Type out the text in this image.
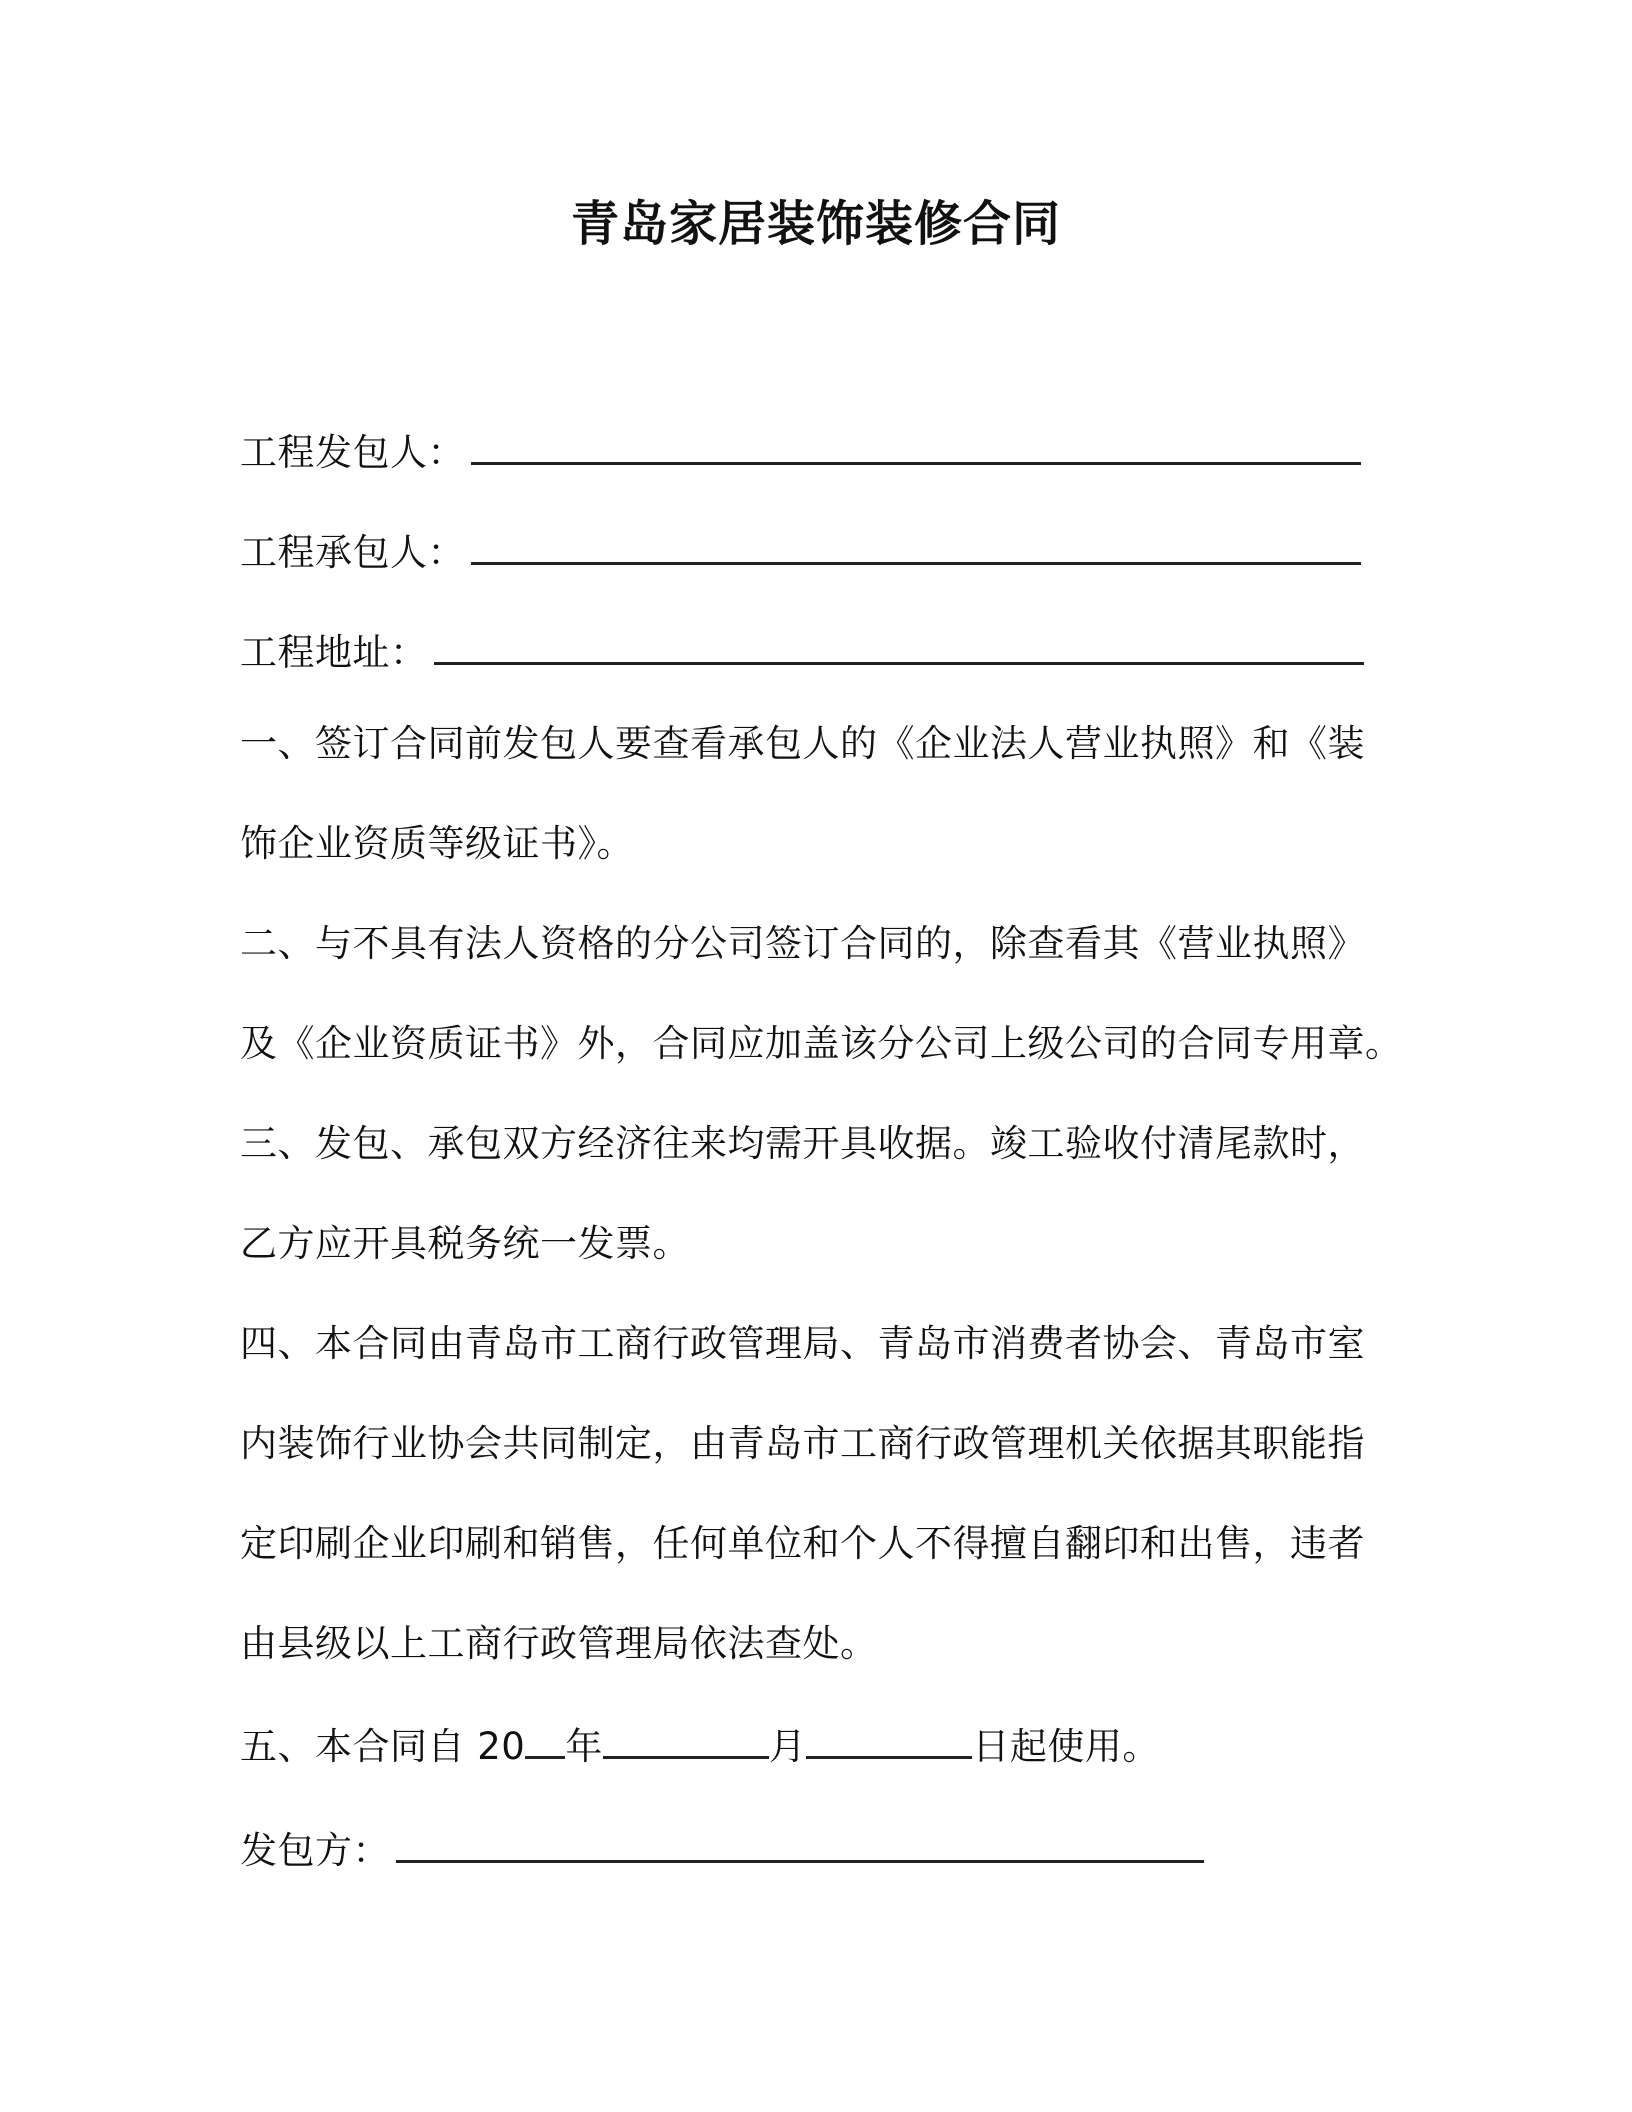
青岛家居装饰装修合同
工程发包人：
工程承包人：
工程地址：
一、签订合同前发包人要查看承包人的《企业法人营业执照》和《装
饰企业资质等级证书》。
二、与不具有法人资格的分公司签订合同的，除查看其《营业执照》
及《企业资质证书》外，合同应加盖该分公司上级公司的合同专用章。
三、发包、承包双方经济往来均需开具收据。竣工验收付清尾款时，
乙方应开具税务统一发票。
四、本合同由青岛市工商行政管理局、青岛市消费者协会、青岛市室
内装饰行业协会共同制定，由青岛市工商行政管理机关依据其职能指
定印刷企业印刷和销售，任何单位和个人不得擅自翻印和出售，违者
由县级以上工商行政管理局依法查处。
五、本合同自 20 年	月	日起使用。
发包方：
